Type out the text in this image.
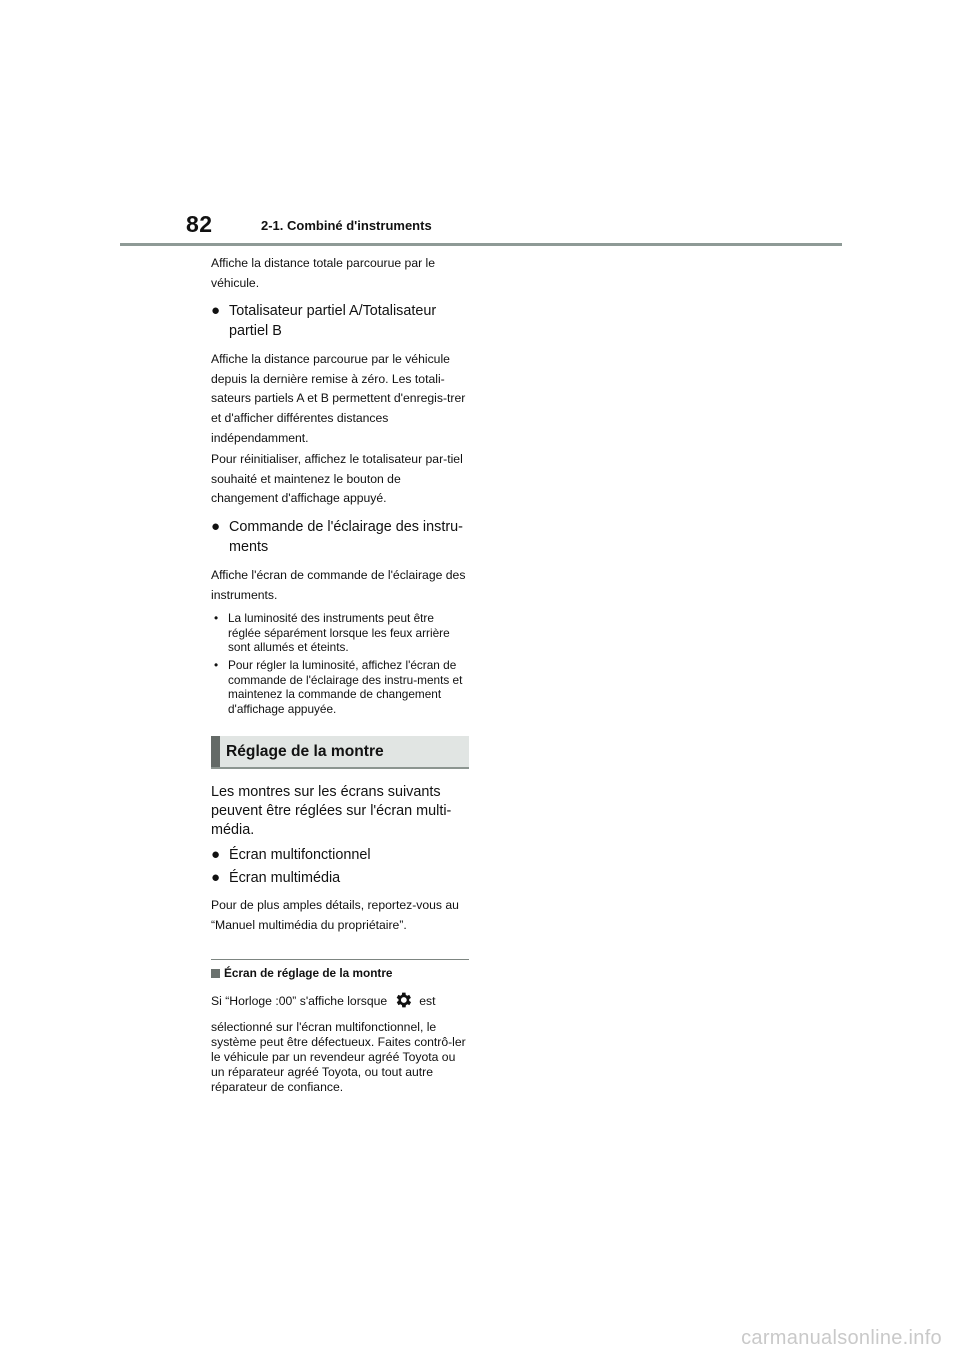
82	2-1. Combiné d'instruments

Affiche la distance totale parcourue par le véhicule.

● Totalisateur partiel A/Totalisateur partiel B

Affiche la distance parcourue par le véhicule depuis la dernière remise à zéro. Les totali-sateurs partiels A et B permettent d'enregis-trer et d'afficher différentes distances indépendamment.

Pour réinitialiser, affichez le totalisateur par-tiel souhaité et maintenez le bouton de changement d'affichage appuyé.

● Commande de l'éclairage des instru-ments

Affiche l'écran de commande de l'éclairage des instruments.

• La luminosité des instruments peut être réglée séparément lorsque les feux arrière sont allumés et éteints.
• Pour régler la luminosité, affichez l'écran de commande de l'éclairage des instru-ments et maintenez la commande de changement d'affichage appuyée.
Réglage de la montre

Les montres sur les écrans suivants peuvent être réglées sur l'écran multi-média.

● Écran multifonctionnel
● Écran multimédia

Pour de plus amples détails, reportez-vous au “Manuel multimédia du propriétaire”.

Écran de réglage de la montre

Si “Horloge :00” s'affiche lorsque	est

sélectionné sur l'écran multifonctionnel, le système peut être défectueux. Faites contrô-ler le véhicule par un revendeur agréé Toyota ou un réparateur agréé Toyota, ou tout autre réparateur de confiance.

carmanualsonline.info
